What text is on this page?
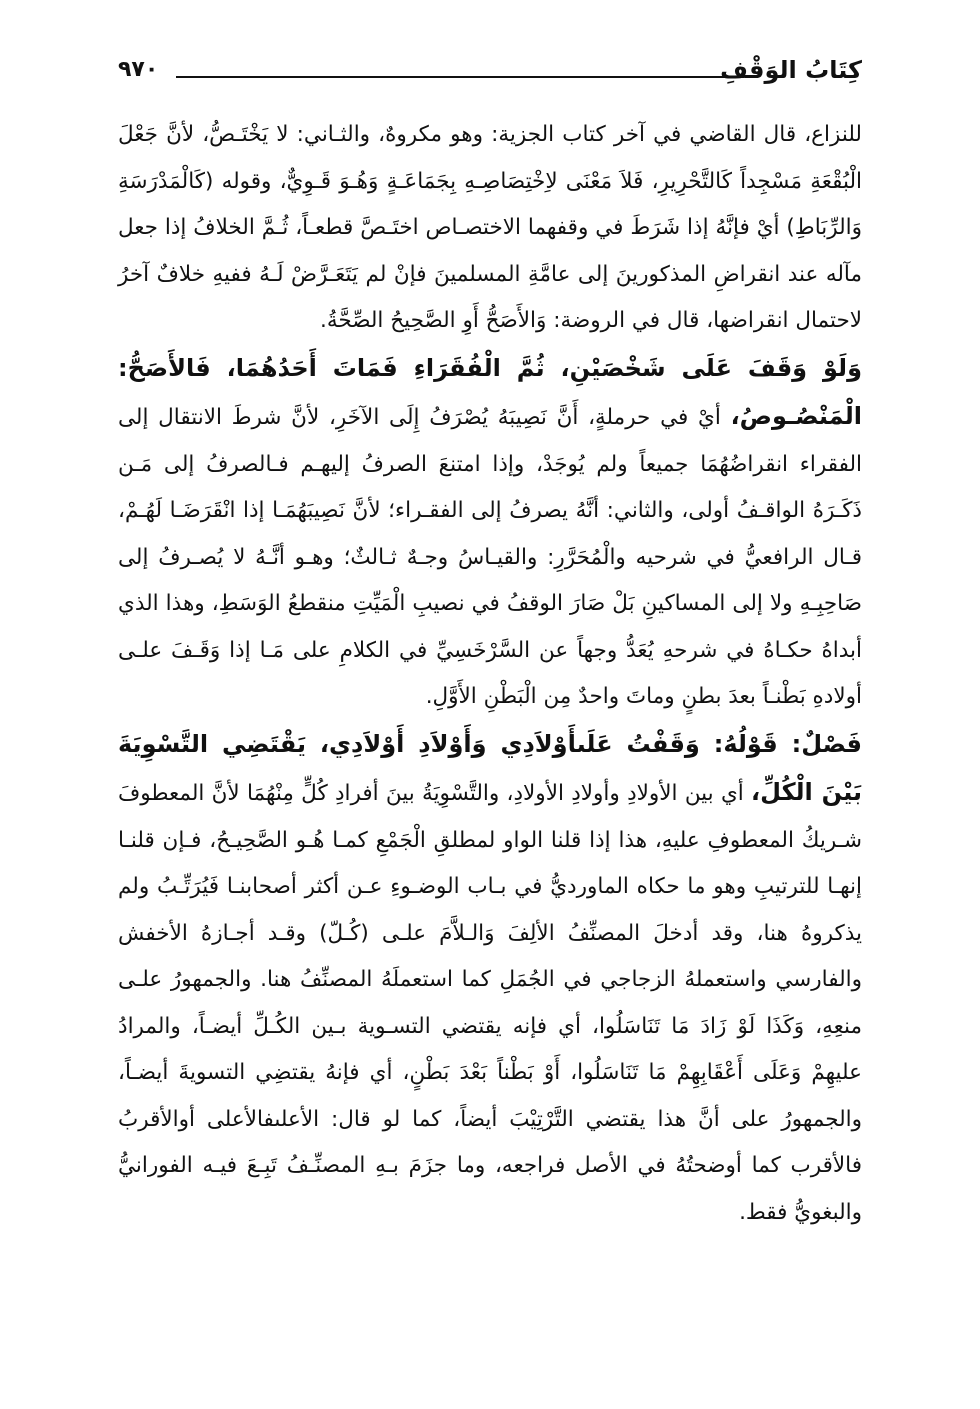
كِتَابُ الوَقْفِ
٩٧٠

للنزاع، قال القاضي في آخر كتاب الجزية: وهو مكروهٌ، والثـاني: لا يَخْتَـصُّ، لأنَّ جَعْلَ الْبُقْعَةِ مَسْجِداً كَالتَّحْرِيرِ، فَلاَ مَعْنَى لاِخْتِصَاصِـهِ بِجَمَاعَـةٍ وَهُـوَ قَـوِيٌّ، وقوله (كَالْمَدْرَسَةِ وَالرِّبَاطِ) أيْ فإنَّهُ إذا شَرَطَ في وقفهما الاختصـاص اختَـصَّ قطعـاً، ثُـمَّ الخلافُ إذا جعل مآله عند انقراضِ المذكورينَ إلى عامَّةِ المسلمينَ فإنْ لم يَتَعَـرَّضْ لَـهُ ففيهِ خلافٌ آخرُ لاحتمال انقراضها، قال في الروضة: وَالأَصَحُّ أَوِ الصَّحِيحُ الصِّحَّةُ.

وَلَوْ وَقَفَ عَلَى شَخْصَيْنِ، ثُمَّ الْفُقَرَاءِ فَمَاتَ أَحَدُهُمَا، فَالأَصَحُّ: الْمَنْصُـوصُ، أيْ في حرملةٍ، أَنَّ نَصِيبَهُ يُصْرَفُ إِلَى الآخَرِ، لأنَّ شرطَ الانتقال إلى الفقراء انقراضُهُمَا جميعاً ولم يُوجَدْ، وإذا امتنعَ الصرفُ إليهـم فـالصرفُ إلى مَـن ذَكَـرَهُ الواقـفُ أولى، والثاني: أنَّهُ يصرفُ إلى الفقـراء؛ لأنَّ نَصِيبَهُمَـا إذا انْقَرَضَـا لَهُـمْ، قـال الرافعيُّ في شرحيه والْمُحَرَّرِ: والقيـاسُ وجـهٌ ثـالثٌ؛ وهـو أنَّـهُ لا يُصـرفُ إلى صَاحِبِـهِ ولا إلى المساكينِ بَلْ صَارَ الوقفُ في نصيبِ الْمَيِّتِ منقطعُ الوَسَطِ، وهذا الذي أبداهُ حكـاهُ في شرحهِ يُعَدُّ وجهاً عن السَّرْخَسِيِّ في الكلامِ على مَـا إذا وَقَـفَ علـى أولادهِ بَطْنـاً بعدَ بطنٍ وماتَ واحدٌ مِن الْبَطْنِ الأَوَّلِ.

فَصْلٌ: قَوْلُهُ: وَقَفْتُ عَلَىأَوْلاَدِي وَأَوْلاَدِ أَوْلاَدِي، يَقْتَضِي التَّسْوِيَةَ بَيْنَ الْكُلِّ، أي بين الأولادِ وأولادِ الأولادِ، والتَّسْوِيَةُ بينَ أفرادِ كُلٍّ مِنْهُمَا لأنَّ المعطوفَ شـريكُ المعطوفِ عليهِ، هذا إذا قلنا الواو لمطلقِ الْجَمْعِ كمـا هُـو الصَّحِيـحُ، فـإن قلنـا إنهـا للترتيبِ وهو ما حكاه الماورديُّ في بـاب الوضـوءِ عـن أكثر أصحابنـا فَيُرَتِّـبُ ولم يذكروهُ هنا، وقد أدخلَ المصنِّفُ الألِفَ وَالـلاَّمَ علـى (كُـلّ) وقـد أجـازهُ الأخفش والفارسي واستعملهُ الزجاجي في الجُمَلِ كما استعملَهُ المصنِّفُ هنا. والجمهورُ علـى منعِهِ، وَكَذَا لَوْ زَادَ مَا تَنَاسَلُوا، أي فإنه يقتضي التسـوية بـين الكُـلِّ أيضـاً، والمرادُ عليهِمْ وَعَلَى أَعْقَابِهِمْ مَا تَنَاسَلُوا، أَوْ بَطْناً بَعْدَ بَطْنٍ، أي فإنهُ يقتضِي التسويةَ أيضـاً، والجمهورُ على أنَّ هذا يقتضي التَّرْتِيْبَ أيضاً، كما لو قال: الأعلىفالأعلى أوالأقربُ فالأقرب كما أوضحتُهُ في الأصل فراجعه، وما جزَمَ بـهِ المصنِّـفُ تَبِـعَ فيـه الفورانيُّ والبغويُّ فقط.
